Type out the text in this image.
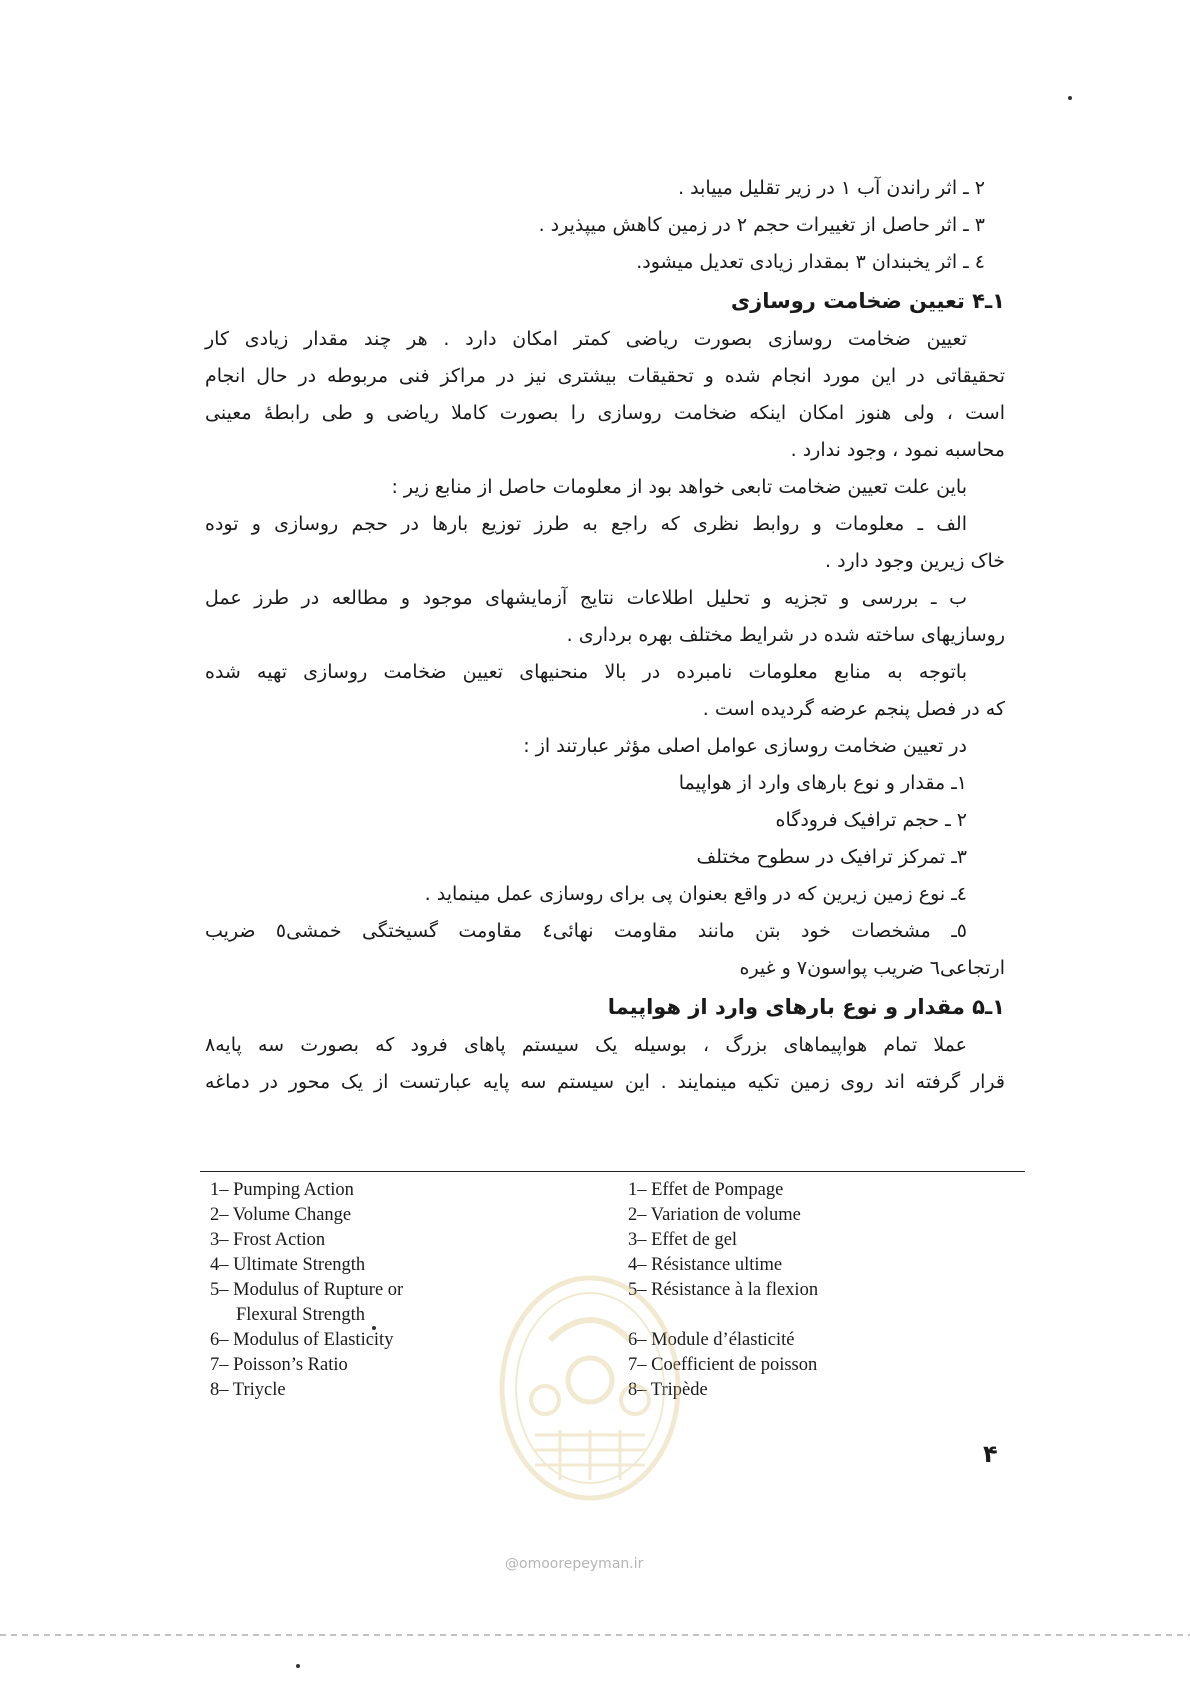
۲ ـ اثر راندن آب ۱ در زیر تقلیل مییابد .
۳ ـ اثر حاصل از تغییرات حجم ۲ در زمین کاهش میپذیرد .
٤ ـ اثر یخبندان ۳ بمقدار زیادی تعدیل میشود.
۱ـ۴ تعیین ضخامت روسازی
تعیین ضخامت روسازی بصورت ریاضی کمتر امکان دارد . هر چند مقدار زیادی کار
تحقیقاتی در این مورد انجام شده و تحقیقات بیشتری نیز در مراکز فنی مربوطه در حال انجام
است ، ولی هنوز امکان اینکه ضخامت روسازی را بصورت کاملا ریاضی و طی رابطهٔ معینی
محاسبه نمود ، وجود ندارد .
باین علت تعیین ضخامت تابعی خواهد بود از معلومات حاصل از منابع زیر :
الف ـ معلومات و روابط نظری که راجع به طرز توزیع بارها در حجم روسازی و توده
خاک زیرین وجود دارد .
ب ـ بررسی و تجزیه و تحلیل اطلاعات نتایج آزمایشهای موجود و مطالعه در طرز عمل
روسازیهای ساخته شده در شرایط مختلف بهره برداری .
باتوجه به منابع معلومات نامبرده در بالا منحنیهای تعیین ضخامت روسازی تهیه شده
که در فصل پنجم عرضه گردیده است .
در تعیین ضخامت روسازی عوامل اصلی مؤثر عبارتند از :
۱ـ مقدار و نوع بارهای وارد از هواپیما
۲ ـ حجم ترافیک فرودگاه
۳ـ تمرکز ترافیک در سطوح مختلف
٤ـ نوع زمین زیرین که در واقع بعنوان پی برای روسازی عمل مینماید .
٥ـ مشخصات خود بتن مانند مقاومت نهائی٤ مقاومت گسیختگی خمشی٥ ضریب
ارتجاعی٦ ضریب پواسون٧ و غیره
۱ـ۵ مقدار و نوع بارهای وارد از هواپیما
عملا تمام هواپیماهای بزرگ ، بوسیله یک سیستم پاهای فرود که بصورت سه پایه٨
قرار گرفته اند روی زمین تکیه مینمایند . این سیستم سه پایه عبارتست از یک محور در دماغه
1– Pumping Action
2– Volume Change
3– Frost Action
4– Ultimate Strength
5– Modulus of Rupture or
Flexural Strength
6– Modulus of Elasticity
7– Poisson’s Ratio
8– Triycle
1– Effet de Pompage
2– Variation de volume
3– Effet de gel
4– Résistance ultime
5– Résistance à la flexion

6– Module d’élasticité
7– Coefficient de poisson
8– Tripède
۴
@omoorepeyman.ir
